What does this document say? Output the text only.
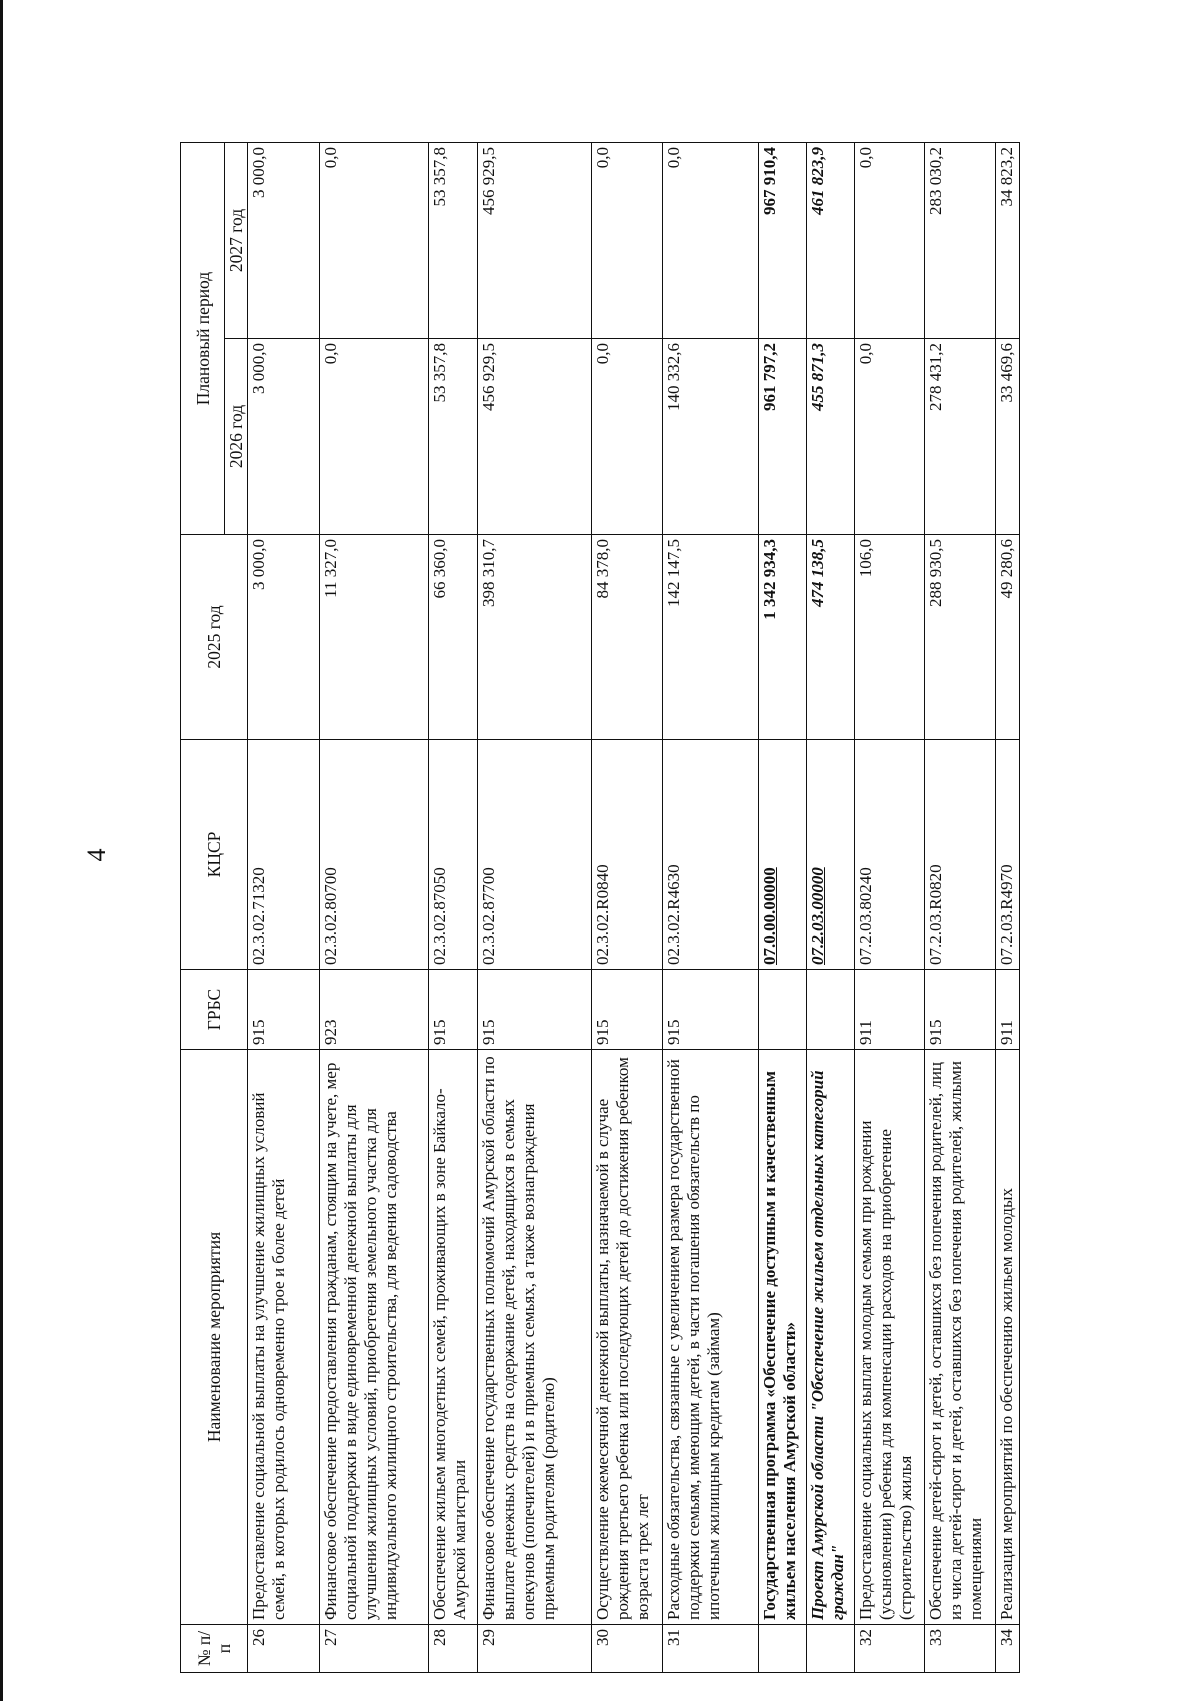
4
№ п/п	Наименование мероприятия	ГРБС	КЦСР	2025 год	Плановый период	
					2026 год	2027 год
26	Предоставление социальной выплаты на улучшение жилищных условий семей, в которых родилось одновременно трое и более детей	915	02.3.02.71320	3 000,0	3 000,0	3 000,0
27	Финансовое обеспечение предоставления гражданам, стоящим на учете, мер социальной поддержки в виде единовременной денежной выплаты для улучшения жилищных условий, приобретения земельного участка для индивидуального жилищного строительства, для ведения садоводства	923	02.3.02.80700	11 327,0	0,0	0,0
28	Обеспечение жильем многодетных семей, проживающих в зоне Байкало-Амурской магистрали	915	02.3.02.87050	66 360,0	53 357,8	53 357,8
29	Финансовое обеспечение государственных полномочий Амурской области по выплате денежных средств на содержание детей, находящихся в семьях опекунов (попечителей) и в приемных семьях, а также вознаграждения приемным родителям (родителю)	915	02.3.02.87700	398 310,7	456 929,5	456 929,5
30	Осуществление ежемесячной денежной выплаты, назначаемой в случае рождения третьего ребенка или последующих детей до достижения ребенком возраста трех лет	915	02.3.02.R0840	84 378,0	0,0	0,0
31	Расходные обязательства, связанные с увеличением размера государственной поддержки семьям, имеющим детей, в части погашения обязательств по ипотечным жилищным кредитам (займам)	915	02.3.02.R4630	142 147,5	140 332,6	0,0
	Государственная программа «Обеспечение доступным и качественным жильем населения Амурской области»		07.0.00.00000	1 342 934,3	961 797,2	967 910,4
	Проект Амурской области "Обеспечение жильем отдельных категорий граждан"		07.2.03.00000	474 138,5	455 871,3	461 823,9
32	Предоставление социальных выплат молодым семьям при рождении (усыновлении) ребенка для компенсации расходов на приобретение (строительство) жилья	911	07.2.03.80240	106,0	0,0	0,0
33	Обеспечение детей-сирот и детей, оставшихся без попечения родителей, лиц из числа детей-сирот и детей, оставшихся без попечения родителей, жилыми помещениями	915	07.2.03.R0820	288 930,5	278 431,2	283 030,2
34	Реализация мероприятий по обеспечению жильем молодых	911	07.2.03.R4970	49 280,6	33 469,6	34 823,2
